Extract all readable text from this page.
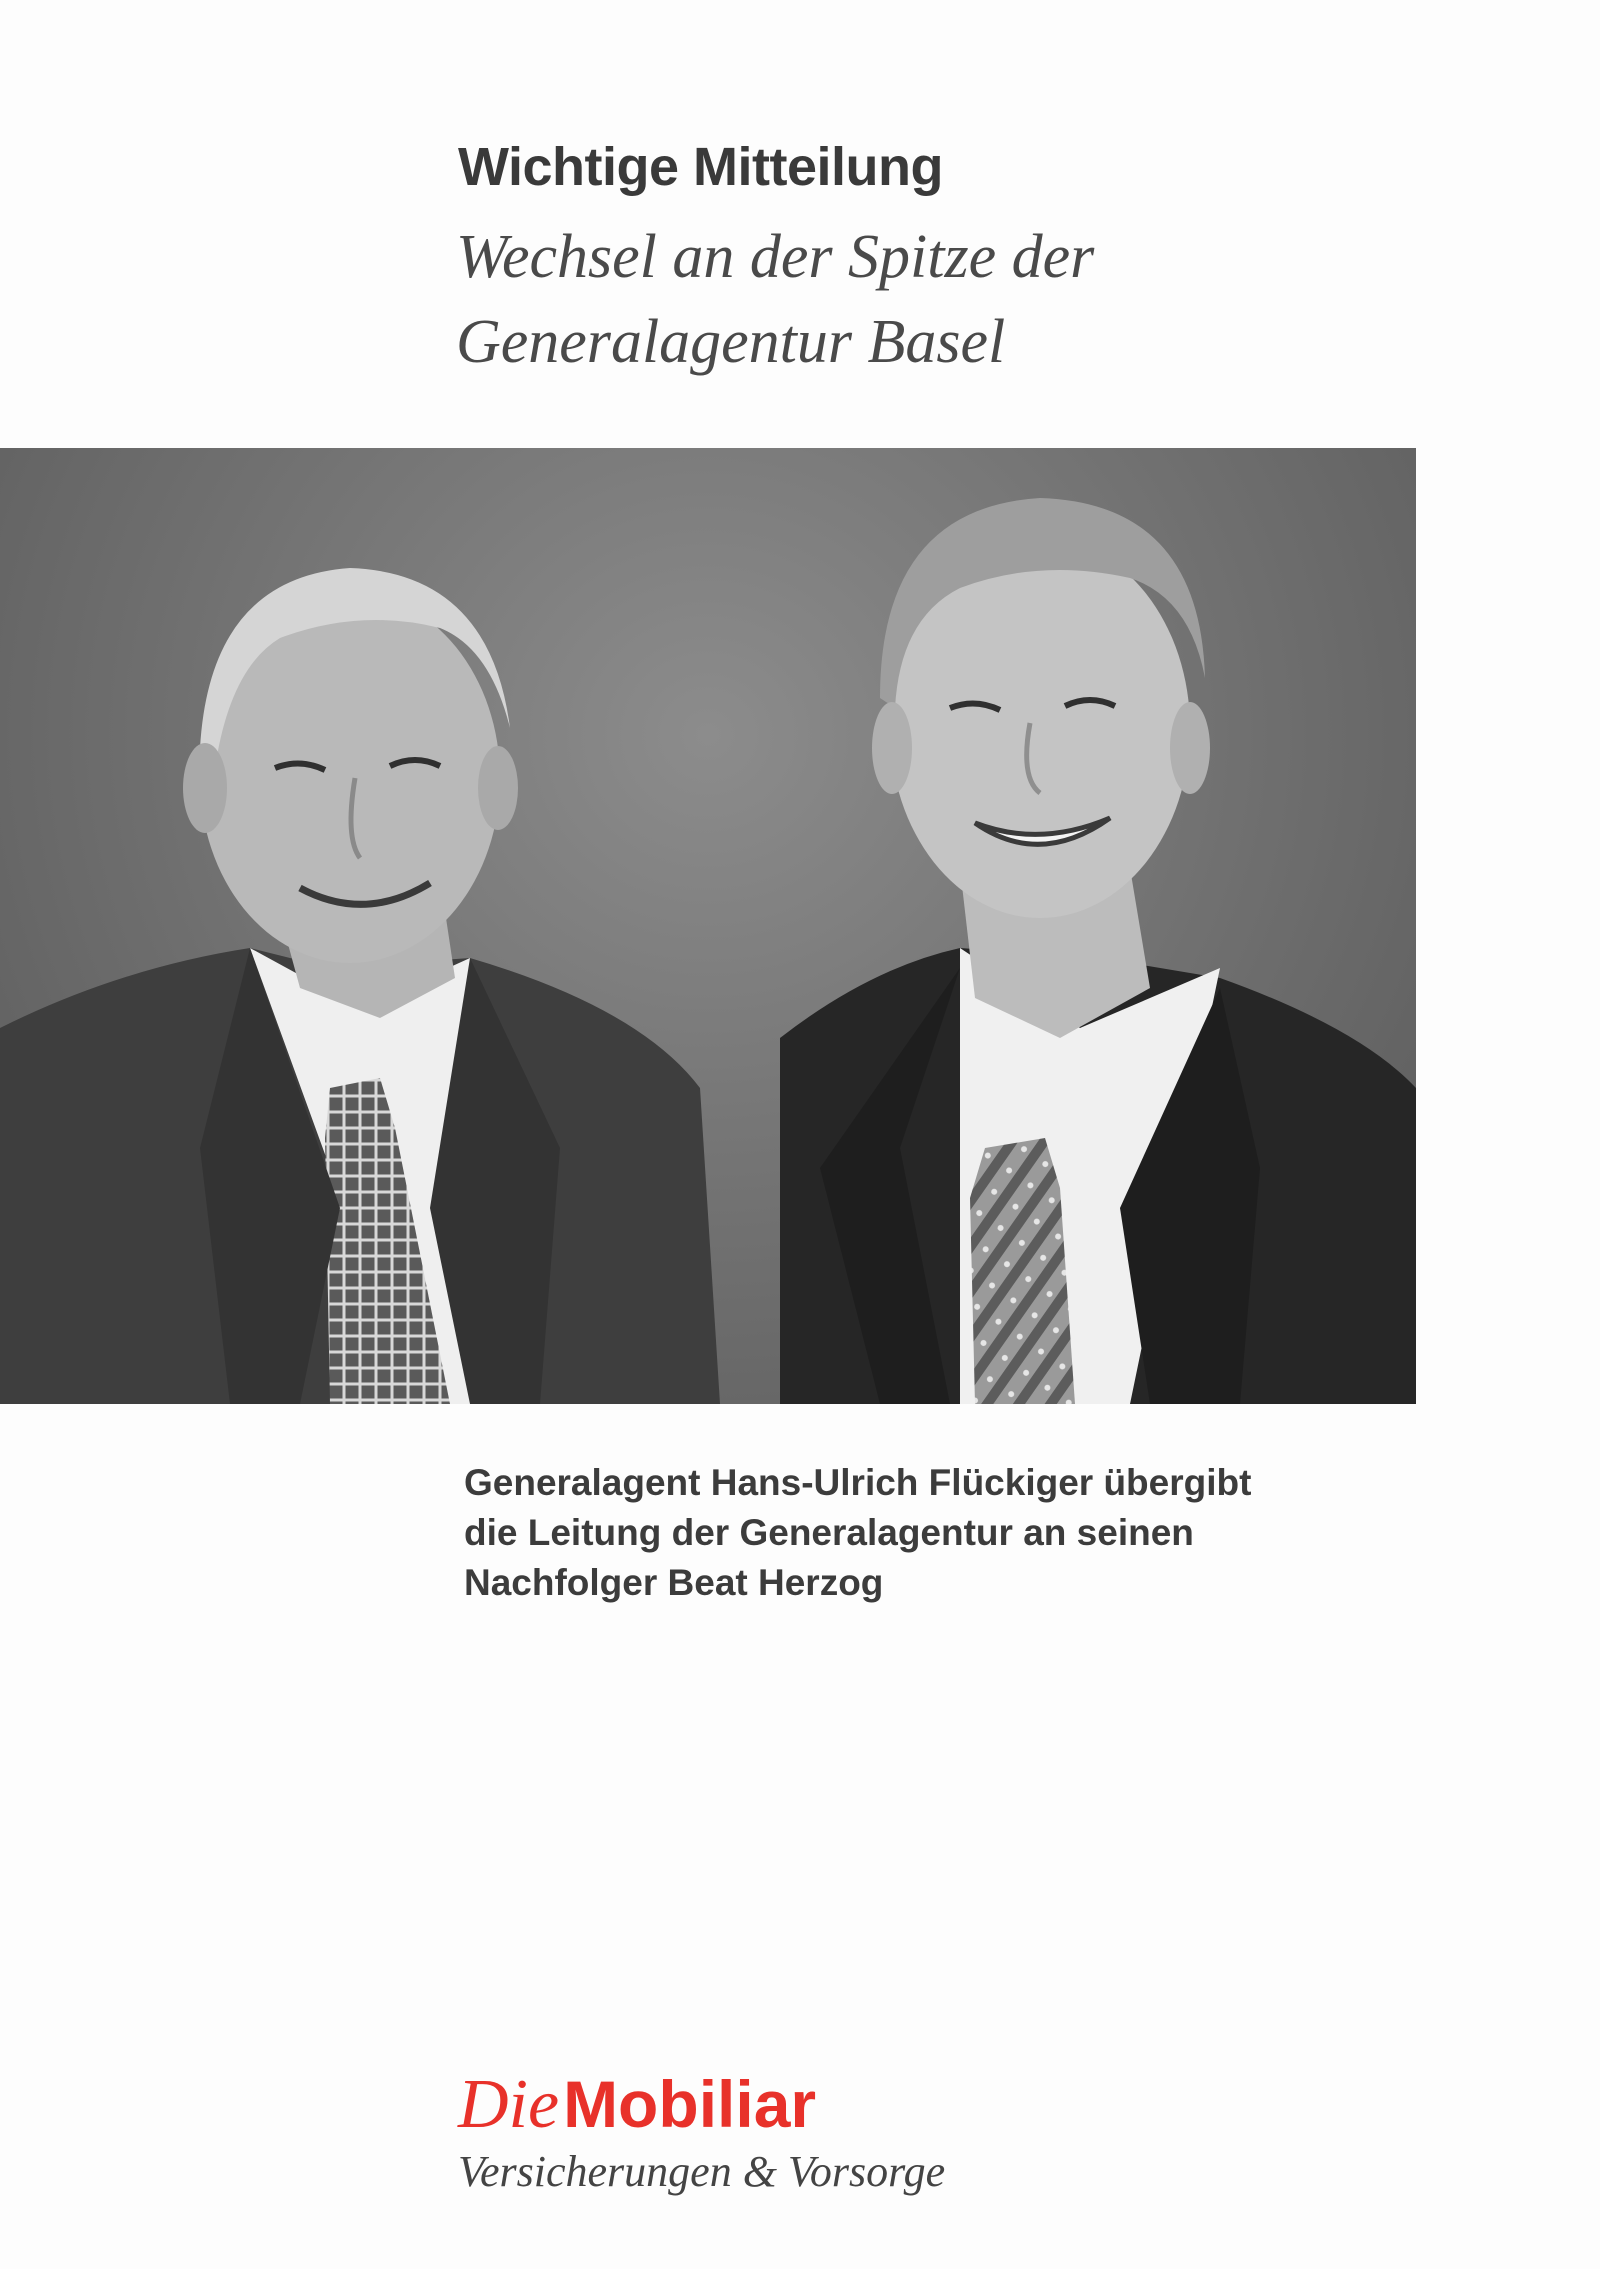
Wichtige Mitteilung
Wechsel an der Spitze der
Generalagentur Basel
Generalagent Hans-Ulrich Flückiger übergibt
die Leitung der Generalagentur an seinen
Nachfolger Beat Herzog
DieMobiliar
Versicherungen & Vorsorge
